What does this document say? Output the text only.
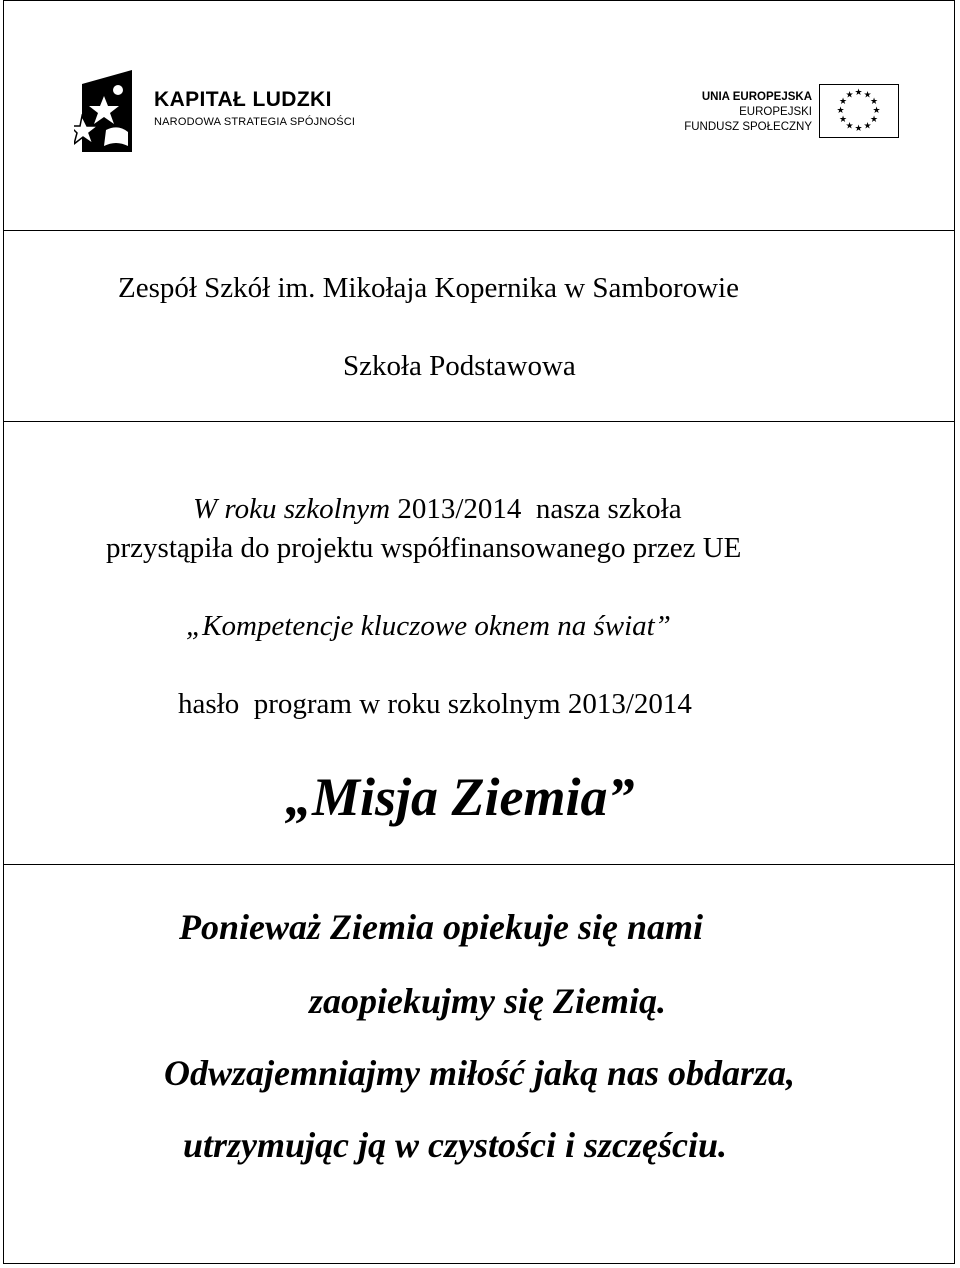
KAPITAŁ LUDZKI
NARODOWA STRATEGIA SPÓJNOŚCI
UNIA EUROPEJSKA
EUROPEJSKI
FUNDUSZ SPOŁECZNY
★ ★
★
★
★
★
★
★
★
★
★
★
Zespół Szkół im. Mikołaja Kopernika w Samborowie
Szkoła Podstawowa
W roku szkolnym 2013/2014  nasza szkoła
przystąpiła do projektu współfinansowanego przez UE
„Kompetencje kluczowe oknem na świat”
hasło  program w roku szkolnym 2013/2014
„Misja Ziemia”
Ponieważ Ziemia opiekuje się nami
zaopiekujmy się Ziemią.
Odwzajemniajmy miłość jaką nas obdarza,
utrzymując ją w czystości i szczęściu.
